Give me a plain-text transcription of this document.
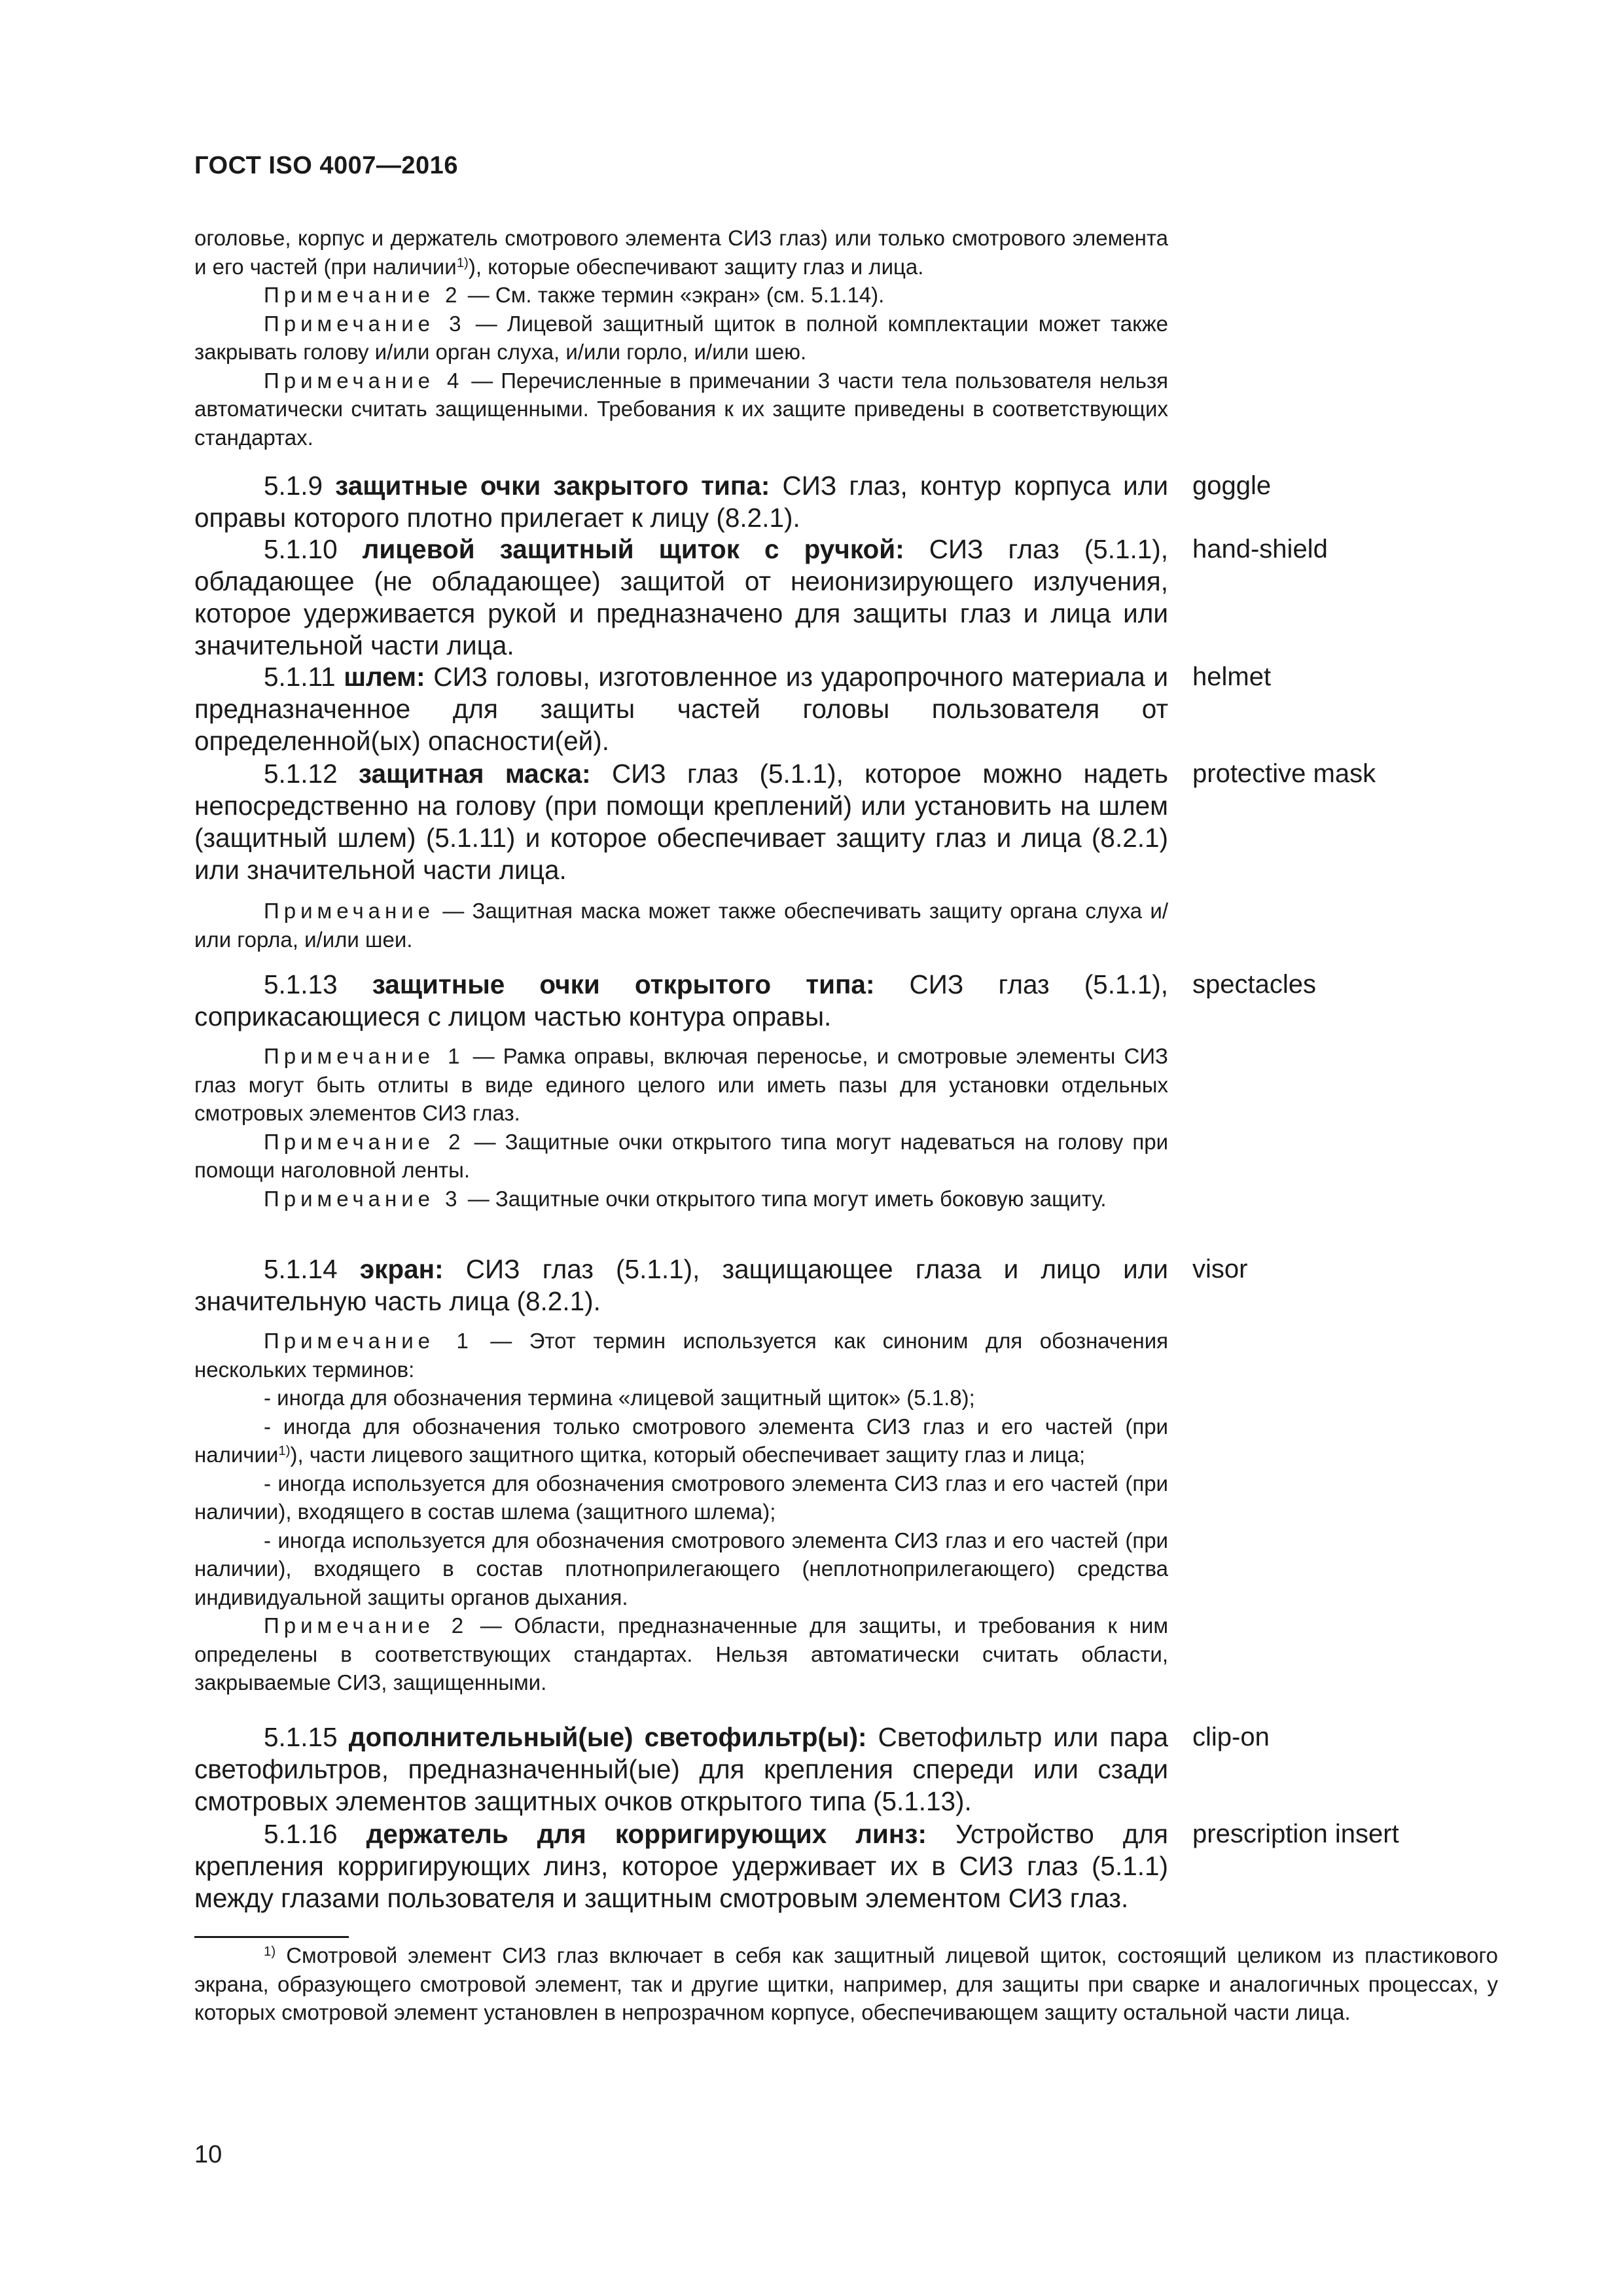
ГОСТ ISO 4007—2016

оголовье, корпус и держатель смотрового элемента СИЗ глаз) или только смотрового элемента и его частей (при наличии$^{1)}$), которые обеспечивают защиту глаз и лица.

Примечание 2 — См. также термин «экран» (см. 5.1.14).

Примечание 3 — Лицевой защитный щиток в полной комплектации может также закрывать голову и/или орган слуха, и/или горло, и/или шею.

Примечание 4 — Перечисленные в примечании 3 части тела пользователя нельзя автоматически считать защищенными. Требования к их защите приведены в соответствующих стандартах.

5.1.9 защитные очки закрытого типа: СИЗ глаз, контур корпуса или оправы которого плотно прилегает к лицу (8.2.1).

goggle

5.1.10 лицевой защитный щиток с ручкой: СИЗ глаз (5.1.1), обладающее (не обладающее) защитой от неионизирующего излучения, которое удерживается рукой и предназначено для защиты глаз и лица или значительной части лица.

hand-shield

5.1.11 шлем: СИЗ головы, изготовленное из ударопрочного материала и предназначенное для защиты частей головы пользователя от определенной(ых) опасности(ей).

helmet

5.1.12 защитная маска: СИЗ глаз (5.1.1), которое можно надеть непосредственно на голову (при помощи креплений) или установить на шлем (защитный шлем) (5.1.11) и которое обеспечивает защиту глаз и лица (8.2.1) или значительной части лица.

protective mask

Примечание — Защитная маска может также обеспечивать защиту органа слуха и/или горла, и/или шеи.

5.1.13 защитные очки открытого типа: СИЗ глаз (5.1.1), соприкасающиеся с лицом частью контура оправы.

spectacles

Примечание 1 — Рамка оправы, включая переносье, и смотровые элементы СИЗ глаз могут быть отлиты в виде единого целого или иметь пазы для установки отдельных смотровых элементов СИЗ глаз.

Примечание 2 — Защитные очки открытого типа могут надеваться на голову при помощи наголовной ленты.

Примечание 3 — Защитные очки открытого типа могут иметь боковую защиту.

5.1.14 экран: СИЗ глаз (5.1.1), защищающее глаза и лицо или значительную часть лица (8.2.1).

visor

Примечание 1 — Этот термин используется как синоним для обозначения нескольких терминов:

- иногда для обозначения термина «лицевой защитный щиток» (5.1.8);

- иногда для обозначения только смотрового элемента СИЗ глаз и его частей (при наличии$^{1)}$), части лицевого защитного щитка, который обеспечивает защиту глаз и лица;

- иногда используется для обозначения смотрового элемента СИЗ глаз и его частей (при наличии), входящего в состав шлема (защитного шлема);

- иногда используется для обозначения смотрового элемента СИЗ глаз и его частей (при наличии), входящего в состав плотноприлегающего (неплотноприлегающего) средства индивидуальной защиты органов дыхания.

Примечание 2 — Области, предназначенные для защиты, и требования к ним определены в соответствующих стандартах. Нельзя автоматически считать области, закрываемые СИЗ, защищенными.

5.1.15 дополнительный(ые) светофильтр(ы): Светофильтр или пара светофильтров, предназначенный(ые) для крепления спереди или сзади смотровых элементов защитных очков открытого типа (5.1.13).

clip-on

5.1.16 держатель для корригирующих линз: Устройство для крепления корригирующих линз, которое удерживает их в СИЗ глаз (5.1.1) между глазами пользователя и защитным смотровым элементом СИЗ глаз.

prescription insert

$^{1)}$ Смотровой элемент СИЗ глаз включает в себя как защитный лицевой щиток, состоящий целиком из пластикового экрана, образующего смотровой элемент, так и другие щитки, например, для защиты при сварке и аналогичных процессах, у которых смотровой элемент установлен в непрозрачном корпусе, обеспечивающем защиту остальной части лица.

10
